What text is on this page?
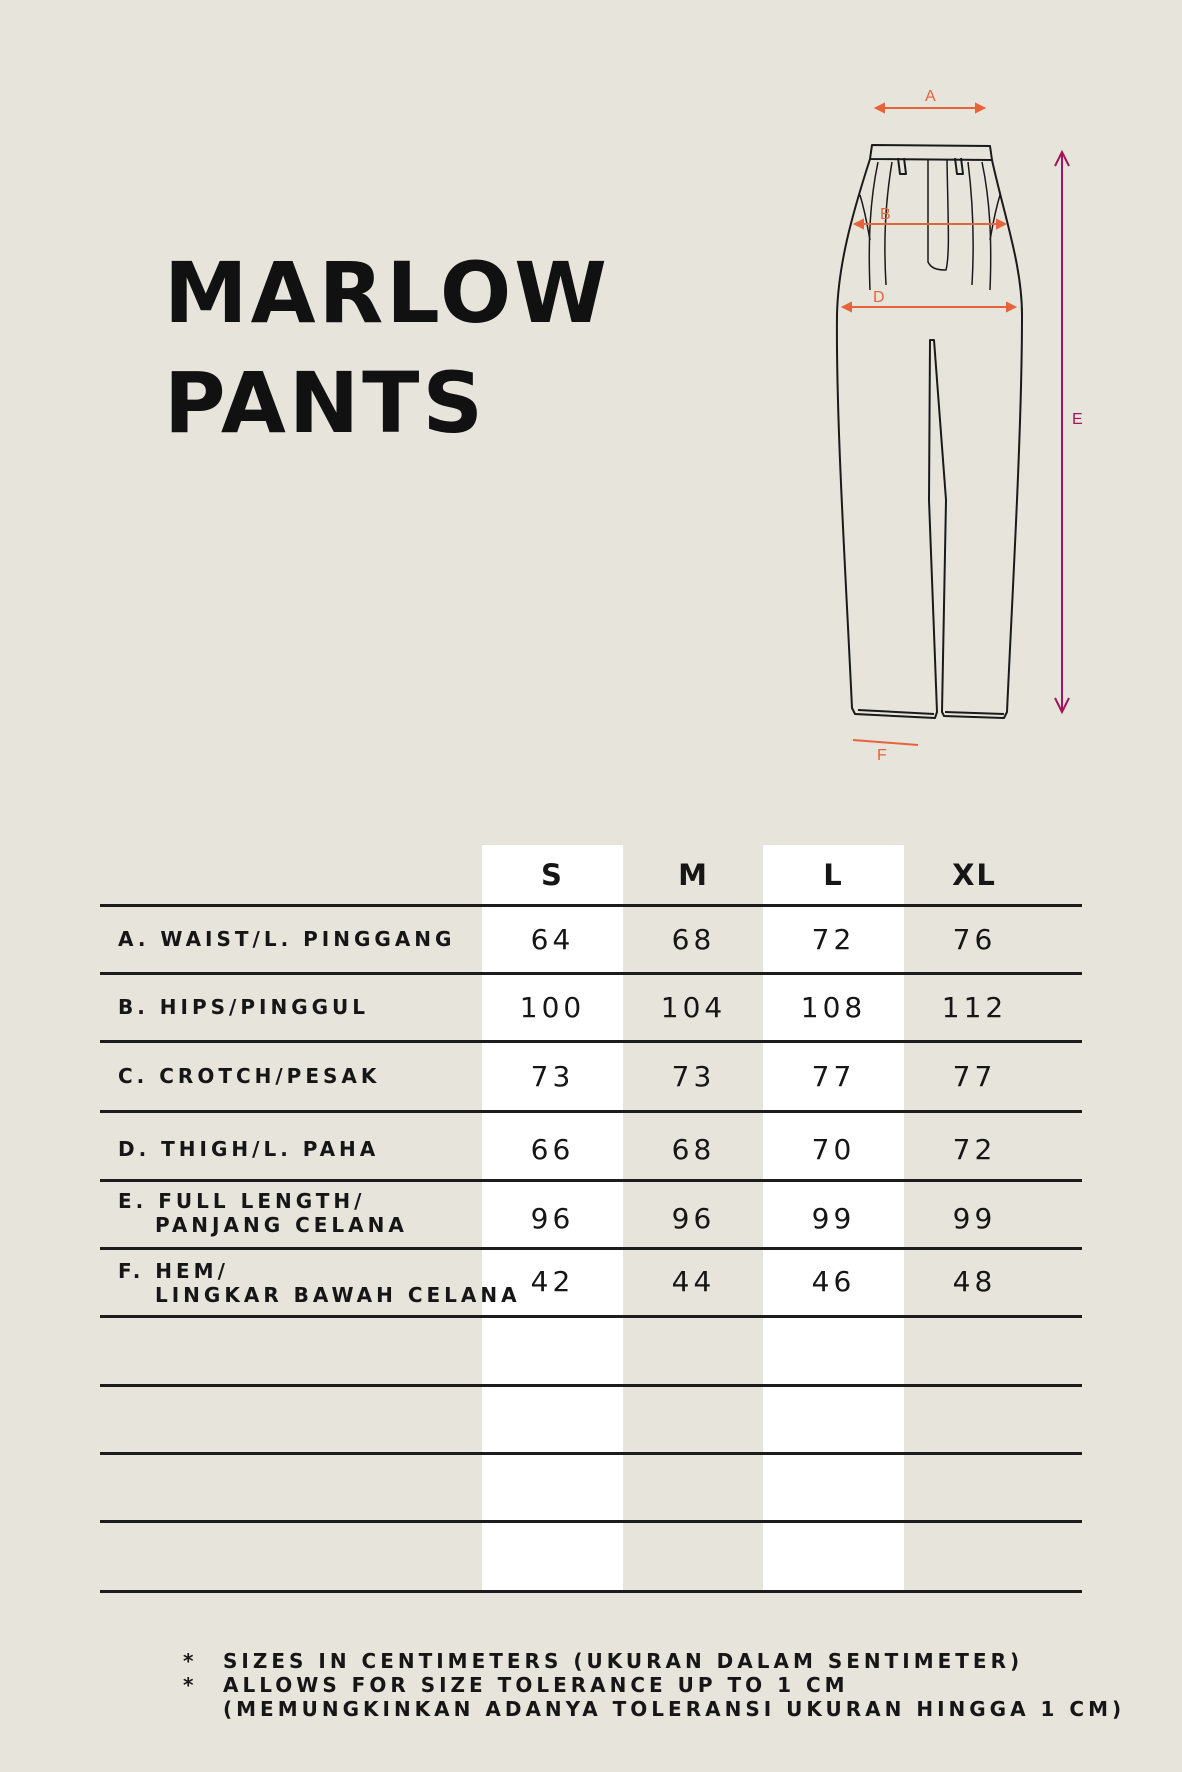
MARLOW
PANTS
A
B
D
E
F
S	M	L	XL
A. WAIST/L. PINGGANG	64	68	72	76
B. HIPS/PINGGUL	100	104	108	112
C. CROTCH/PESAK	73	73	77	77
D. THIGH/L. PAHA	66	68	70	72
E. FULL LENGTH/
PANJANG CELANA	96	96	99	99
F. HEM/
LINGKAR BAWAH CELANA 42	44	46	48
* SIZES IN CENTIMETERS (UKURAN DALAM SENTIMETER)
* ALLOWS FOR SIZE TOLERANCE UP TO 1 CM
(MEMUNGKINKAN ADANYA TOLERANSI UKURAN HINGGA 1 CM)
